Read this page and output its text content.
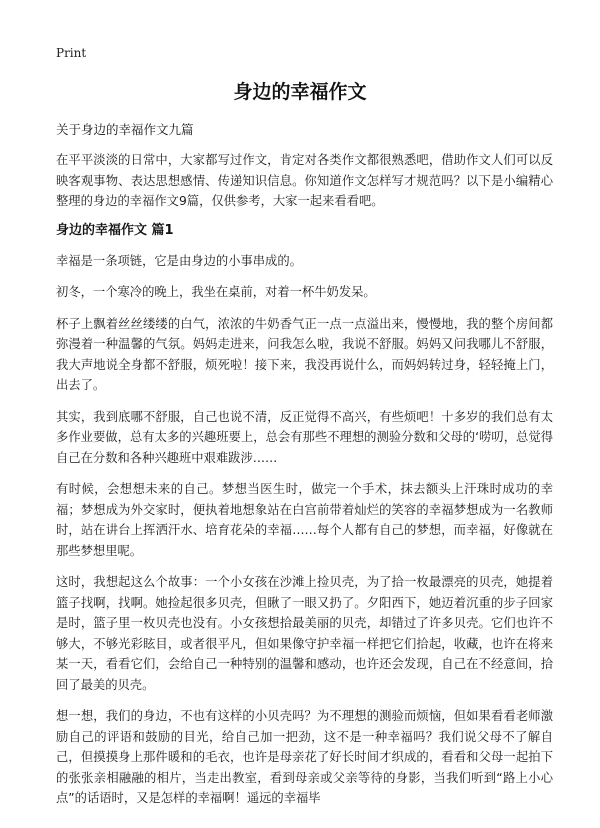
Print
身边的幸福作文

关于身边的幸福作文九篇

在平平淡淡的日常中，大家都写过作文，肯定对各类作文都很熟悉吧，借助作文人们可以反映客观事物、表达思想感情、传递知识信息。你知道作文怎样写才规范吗？以下是小编精心整理的身边的幸福作文9篇，仅供参考，大家一起来看看吧。

身边的幸福作文 篇1

幸福是一条项链，它是由身边的小事串成的。

初冬，一个寒冷的晚上，我坐在桌前，对着一杯牛奶发呆。

杯子上飘着丝丝缕缕的白气，浓浓的牛奶香气正一点一点溢出来，慢慢地，我的整个房间都弥漫着一种温馨的气氛。妈妈走进来，问我怎么啦，我说不舒服。妈妈又问我哪儿不舒服，我大声地说全身都不舒服，烦死啦！接下来，我没再说什么，而妈妈转过身，轻轻掩上门，出去了。

其实，我到底哪不舒服，自己也说不清，反正觉得不高兴，有些烦吧！十多岁的我们总有太多作业要做，总有太多的兴趣班要上，总会有那些不理想的测验分数和父母的‘唠叨，总觉得自己在分数和各种兴趣班中艰难跋涉……

有时候，会想想未来的自己。梦想当医生时，做完一个手术，抹去额头上汗珠时成功的幸福；梦想成为外交家时，便执着地想象站在白宫前带着灿烂的笑容的幸福梦想成为一名教师时，站在讲台上挥洒汗水、培育花朵的幸福……每个人都有自己的梦想，而幸福，好像就在那些梦想里呢。

这时，我想起这么个故事：一个小女孩在沙滩上捡贝壳，为了拾一枚最漂亮的贝壳，她提着篮子找啊，找啊。她捡起很多贝壳，但瞅了一眼又扔了。夕阳西下，她迈着沉重的步子回家是时，篮子里一枚贝壳也没有。小女孩想拾最美丽的贝壳，却错过了许多贝壳。它们也许不够大，不够光彩眩目，或者很平凡，但如果像守护幸福一样把它们拾起，收藏，也许在将来某一天，看看它们，会给自己一种特别的温馨和感动，也许还会发现，自己在不经意间，拾回了最美的贝壳。

想一想，我们的身边，不也有这样的小贝壳吗？为不理想的测验而烦恼，但如果看看老师激励自己的评语和鼓励的目光，给自己加一把劲，这不是一种幸福吗？我们说父母不了解自己，但摸摸身上那件暖和的毛衣，也许是母亲花了好长时间才织成的，看看和父母一起拍下的张张亲相融融的相片，当走出教室，看到母亲或父亲等待的身影，当我们听到“路上小心点”的话语时，又是怎样的幸福啊！遥远的幸福毕
